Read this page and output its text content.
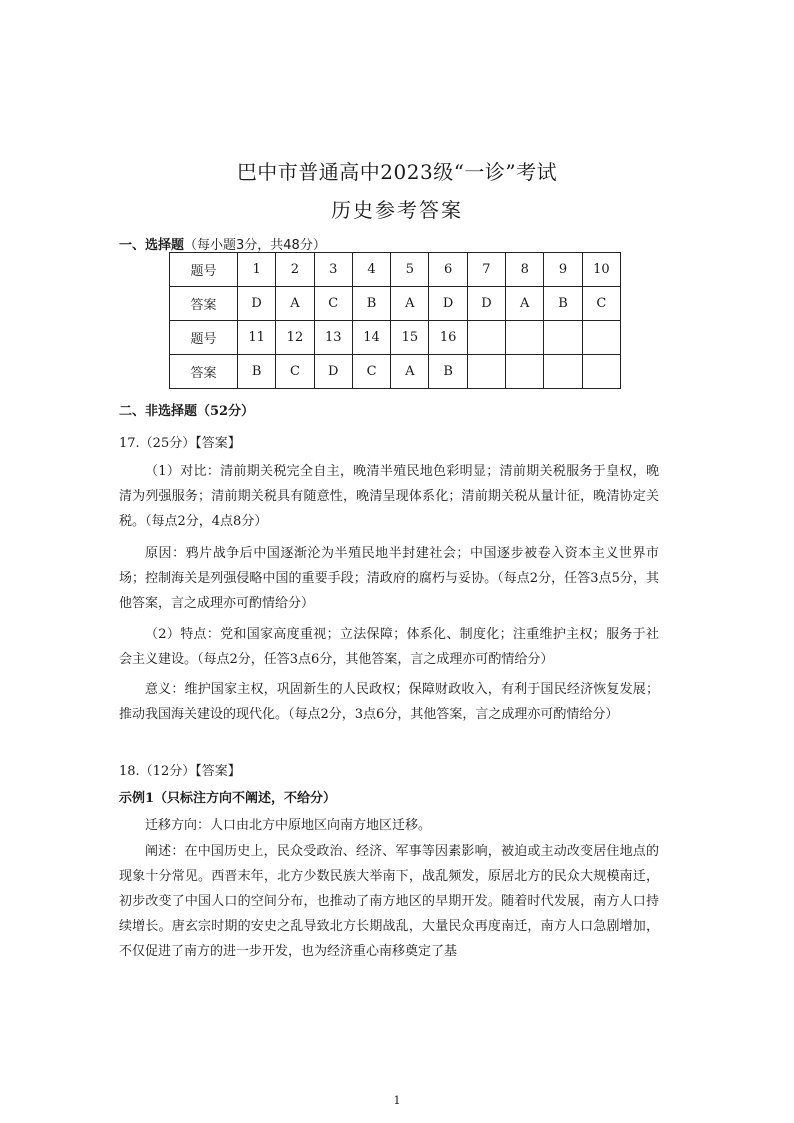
巴中市普通高中2023级“一诊”考试
历史参考答案
一、选择题（每小题3分，共48分）
题号	1	2	3	4	5	6	7	8	9	10
答案	D	A	C	B	A	D	D	A	B	C
题号	11	12	13	14	15	16				
答案	B	C	D	C	A	B				
二、非选择题（52分）
17.（25分）【答案】
（1）对比：清前期关税完全自主，晚清半殖民地色彩明显；清前期关税服务于皇权，晚清为列强服务；清前期关税具有随意性，晚清呈现体系化；清前期关税从量计征，晚清协定关税。（每点2分，4点8分）
原因：鸦片战争后中国逐渐沦为半殖民地半封建社会；中国逐步被卷入资本主义世界市场；控制海关是列强侵略中国的重要手段；清政府的腐朽与妥协。（每点2分，任答3点5分，其他答案，言之成理亦可酌情给分）
（2）特点：党和国家高度重视；立法保障；体系化、制度化；注重维护主权；服务于社会主义建设。（每点2分，任答3点6分，其他答案，言之成理亦可酌情给分）
意义：维护国家主权，巩固新生的人民政权；保障财政收入，有利于国民经济恢复发展；推动我国海关建设的现代化。（每点2分，3点6分，其他答案，言之成理亦可酌情给分）
18.（12分）【答案】
示例1（只标注方向不阐述，不给分）
迁移方向：人口由北方中原地区向南方地区迁移。
阐述：在中国历史上，民众受政治、经济、军事等因素影响，被迫或主动改变居住地点的现象十分常见。西晋末年，北方少数民族大举南下，战乱频发，原居北方的民众大规模南迁，初步改变了中国人口的空间分布，也推动了南方地区的早期开发。随着时代发展，南方人口持续增长。唐玄宗时期的安史之乱导致北方长期战乱，大量民众再度南迁，南方人口急剧增加，不仅促进了南方的进一步开发，也为经济重心南移奠定了基
1
